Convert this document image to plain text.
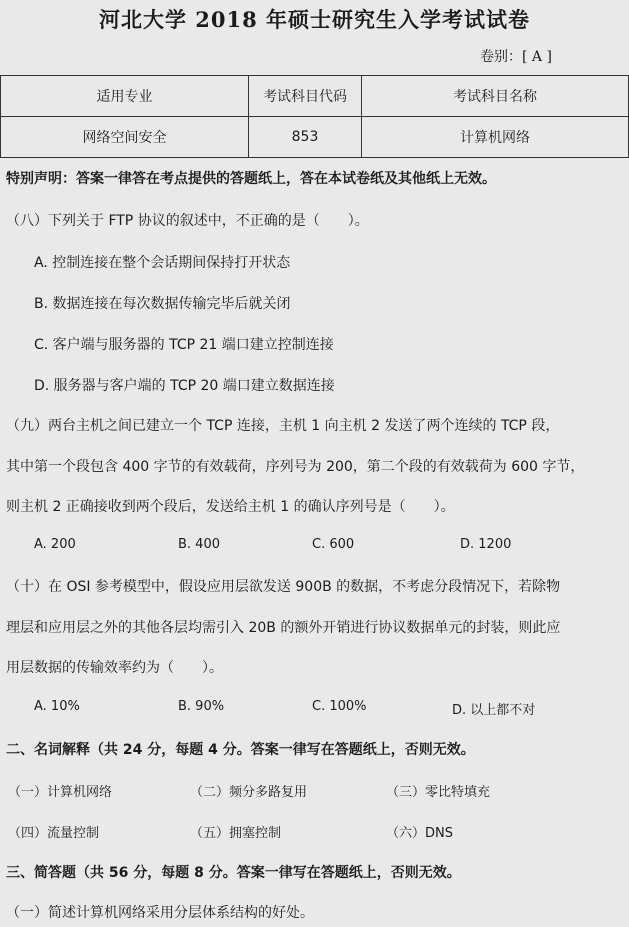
河北大学 2018 年硕士研究生入学考试试卷
卷别：[ A ]
适用专业	考试科目代码	考试科目名称
网络空间安全	853	计算机网络
特别声明：答案一律答在考点提供的答题纸上，答在本试卷纸及其他纸上无效。
（八）下列关于 FTP 协议的叙述中，不正确的是（　　）。
A. 控制连接在整个会话期间保持打开状态
B. 数据连接在每次数据传输完毕后就关闭
C. 客户端与服务器的 TCP 21 端口建立控制连接
D. 服务器与客户端的 TCP 20 端口建立数据连接
（九）两台主机之间已建立一个 TCP 连接，主机 1 向主机 2 发送了两个连续的 TCP 段，
其中第一个段包含 400 字节的有效载荷，序列号为 200，第二个段的有效载荷为 600 字节，
则主机 2 正确接收到两个段后，发送给主机 1 的确认序列号是（　　）。
A. 200	B. 400	C. 600	D. 1200
（十）在 OSI 参考模型中，假设应用层欲发送 900B 的数据，不考虑分段情况下，若除物
理层和应用层之外的其他各层均需引入 20B 的额外开销进行协议数据单元的封装，则此应
用层数据的传输效率约为（　　）。
A. 10%	B. 90%	C. 100%	D. 以上都不对
二、名词解释（共 24 分，每题 4 分。答案一律写在答题纸上，否则无效。
（一）计算机网络	（二）频分多路复用	（三）零比特填充
（四）流量控制	（五）拥塞控制	（六）DNS
三、简答题（共 56 分，每题 8 分。答案一律写在答题纸上，否则无效。
（一）简述计算机网络采用分层体系结构的好处。
